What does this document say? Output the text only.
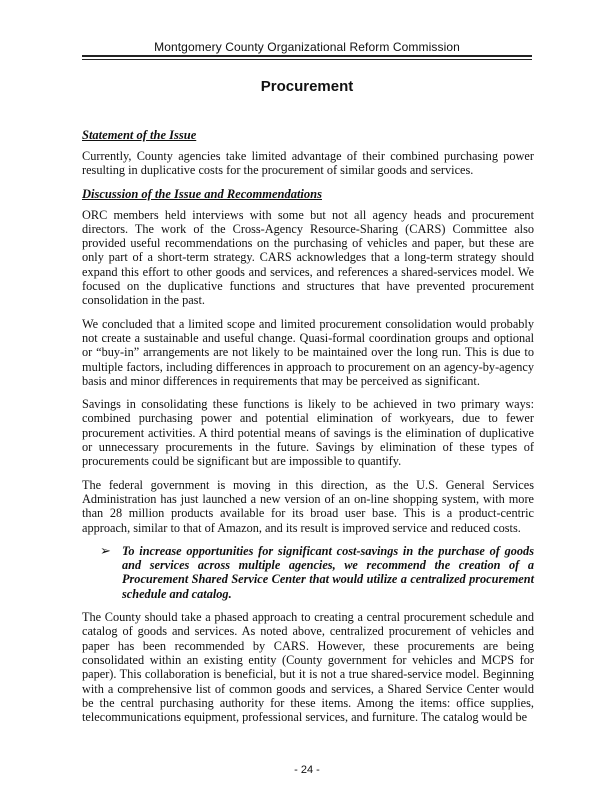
Montgomery County Organizational Reform Commission
Procurement
Statement of the Issue

Currently, County agencies take limited advantage of their combined purchasing power resulting in duplicative costs for the procurement of similar goods and services.

Discussion of the Issue and Recommendations

ORC members held interviews with some but not all agency heads and procurement directors. The work of the Cross-Agency Resource-Sharing (CARS) Committee also provided useful recommendations on the purchasing of vehicles and paper, but these are only part of a short-term strategy. CARS acknowledges that a long-term strategy should expand this effort to other goods and services, and references a shared-services model. We focused on the duplicative functions and structures that have prevented procurement consolidation in the past.

We concluded that a limited scope and limited procurement consolidation would probably not create a sustainable and useful change. Quasi-formal coordination groups and optional or “buy-in” arrangements are not likely to be maintained over the long run. This is due to multiple factors, including differences in approach to procurement on an agency-by-agency basis and minor differences in requirements that may be perceived as significant.

Savings in consolidating these functions is likely to be achieved in two primary ways: combined purchasing power and potential elimination of workyears, due to fewer procurement activities. A third potential means of savings is the elimination of duplicative or unnecessary procurements in the future. Savings by elimination of these types of procurements could be significant but are impossible to quantify.

The federal government is moving in this direction, as the U.S. General Services Administration has just launched a new version of an on-line shopping system, with more than 28 million products available for its broad user base. This is a product-centric approach, similar to that of Amazon, and its result is improved service and reduced costs.

➢ To increase opportunities for significant cost-savings in the purchase of goods and services across multiple agencies, we recommend the creation of a Procurement Shared Service Center that would utilize a centralized procurement schedule and catalog.

The County should take a phased approach to creating a central procurement schedule and catalog of goods and services. As noted above, centralized procurement of vehicles and paper has been recommended by CARS. However, these procurements are being consolidated within an existing entity (County government for vehicles and MCPS for paper). This collaboration is beneficial, but it is not a true shared-service model. Beginning with a comprehensive list of common goods and services, a Shared Service Center would be the central purchasing authority for these items. Among the items: office supplies, telecommunications equipment, professional services, and furniture. The catalog would be

- 24 -
